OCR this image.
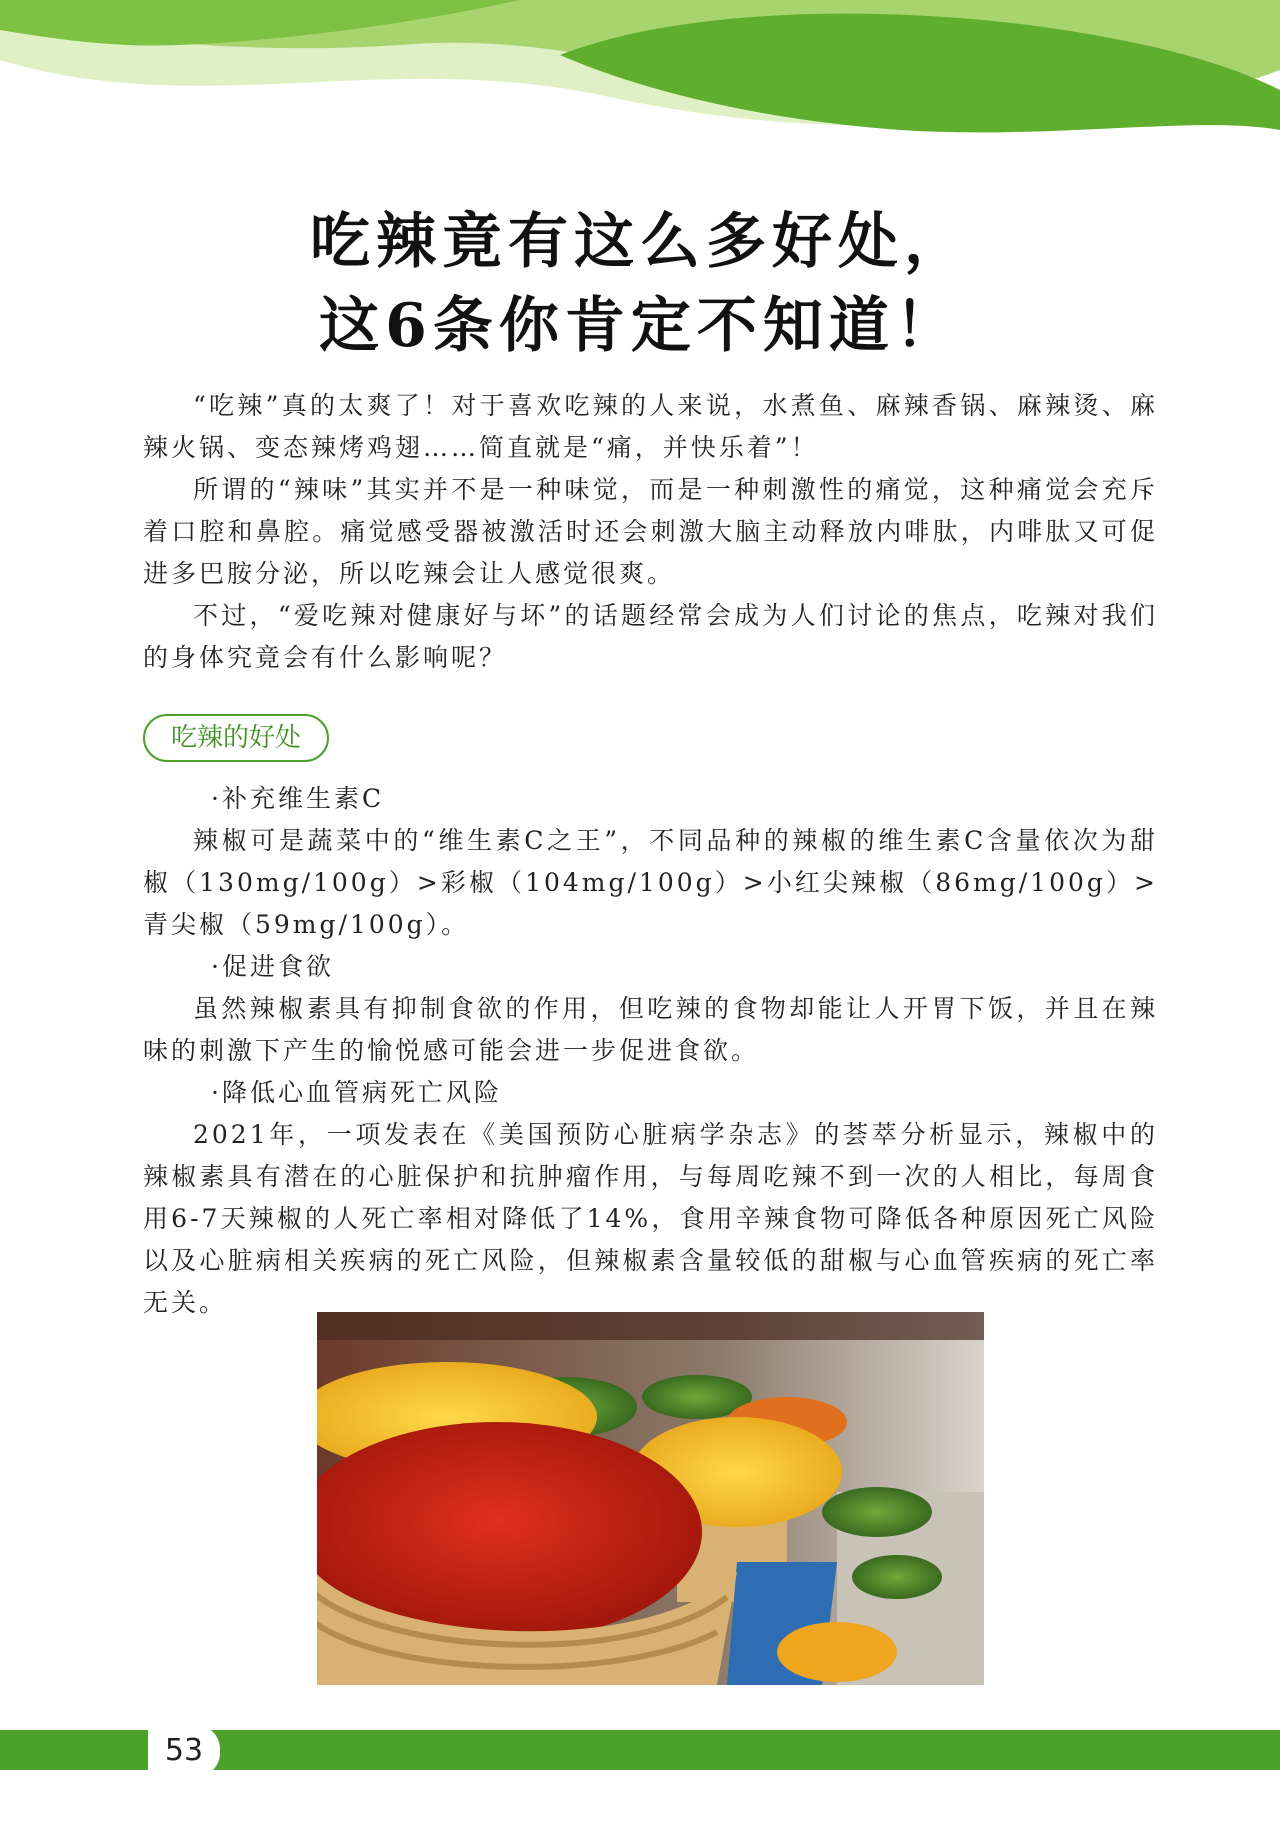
吃辣竟有这么多好处，
这6条你肯定不知道！

“吃辣”真的太爽了！对于喜欢吃辣的人来说，水煮鱼、麻辣香锅、麻辣烫、麻辣火锅、变态辣烤鸡翅……简直就是“痛，并快乐着”！

所谓的“辣味”其实并不是一种味觉，而是一种刺激性的痛觉，这种痛觉会充斥着口腔和鼻腔。痛觉感受器被激活时还会刺激大脑主动释放内啡肽，内啡肽又可促进多巴胺分泌，所以吃辣会让人感觉很爽。

不过，“爱吃辣对健康好与坏”的话题经常会成为人们讨论的焦点，吃辣对我们的身体究竟会有什么影响呢？

吃辣的好处

·补充维生素C

辣椒可是蔬菜中的“维生素C之王”，不同品种的辣椒的维生素C含量依次为甜椒（130mg/100g）>彩椒（104mg/100g）>小红尖辣椒（86mg/100g）>青尖椒（59mg/100g）。

·促进食欲

虽然辣椒素具有抑制食欲的作用，但吃辣的食物却能让人开胃下饭，并且在辣味的刺激下产生的愉悦感可能会进一步促进食欲。

·降低心血管病死亡风险

2021年，一项发表在《美国预防心脏病学杂志》的荟萃分析显示，辣椒中的辣椒素具有潜在的心脏保护和抗肿瘤作用，与每周吃辣不到一次的人相比，每周食用6-7天辣椒的人死亡率相对降低了14%，食用辛辣食物可降低各种原因死亡风险以及心脏病相关疾病的死亡风险，但辣椒素含量较低的甜椒与心血管疾病的死亡率无关。

53
